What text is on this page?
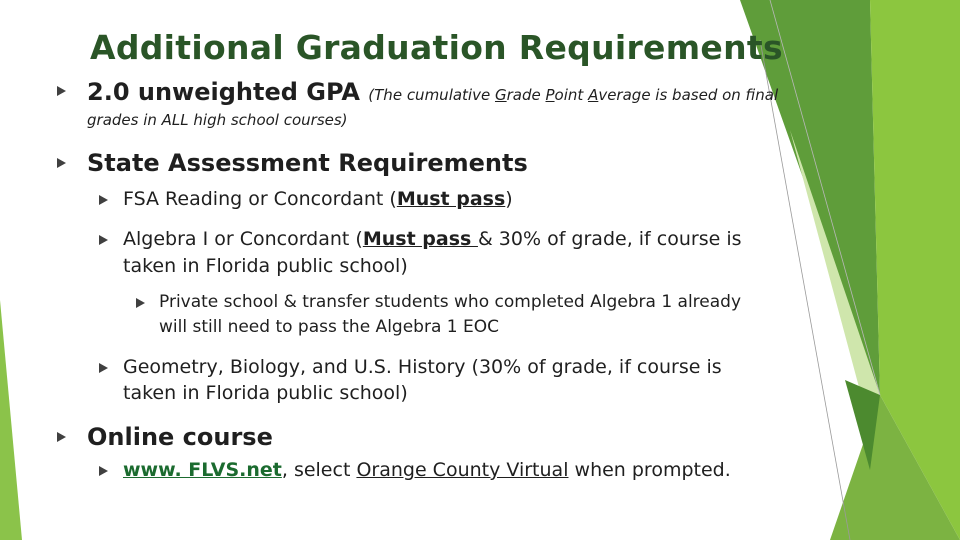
Additional Graduation Requirements
2.0 unweighted GPA (The cumulative Grade Point Average is based on final
grades in ALL high school courses)
State Assessment Requirements
FSA Reading or Concordant (Must pass)
Algebra I or Concordant (Must pass & 30% of grade, if course is
taken in Florida public school)
Private school & transfer students who completed Algebra 1 already
will still need to pass the Algebra 1 EOC
Geometry, Biology, and U.S. History (30% of grade, if course is
taken in Florida public school)
Online course
www. FLVS.net, select Orange County Virtual when prompted.
